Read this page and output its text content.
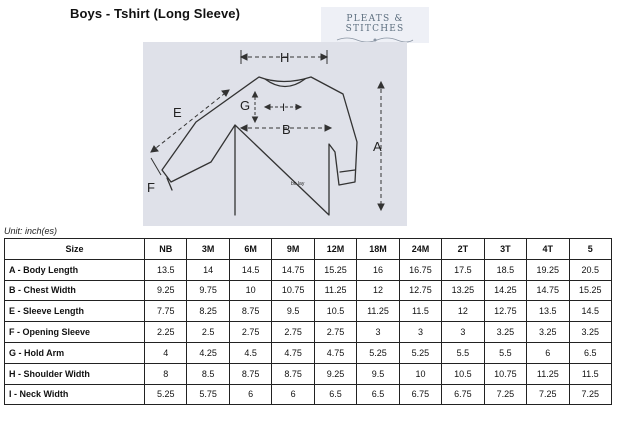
Boys - Tshirt (Long Sleeve)	PLEATS & STITCHES
H
G	I
B
E
F
A
bo lay
Unit: inch(es)
Size	NB	3M	6M	9M	12M	18M	24M	2T	3T	4T	5
A - Body Length	13.5	14	14.5	14.75	15.25	16	16.75	17.5	18.5	19.25	20.5
B - Chest Width	9.25	9.75	10	10.75	11.25	12	12.75	13.25	14.25	14.75	15.25
E - Sleeve Length	7.75	8.25	8.75	9.5	10.5	11.25	11.5	12	12.75	13.5	14.5
F - Opening Sleeve	2.25	2.5	2.75	2.75	2.75	3	3	3	3.25	3.25	3.25
G - Hold Arm	4	4.25	4.5	4.75	4.75	5.25	5.25	5.5	5.5	6	6.5
H - Shoulder Width	8	8.5	8.75	8.75	9.25	9.5	10	10.5	10.75	11.25	11.5
I - Neck Width	5.25	5.75	6	6	6.5	6.5	6.75	6.75	7.25	7.25	7.25
